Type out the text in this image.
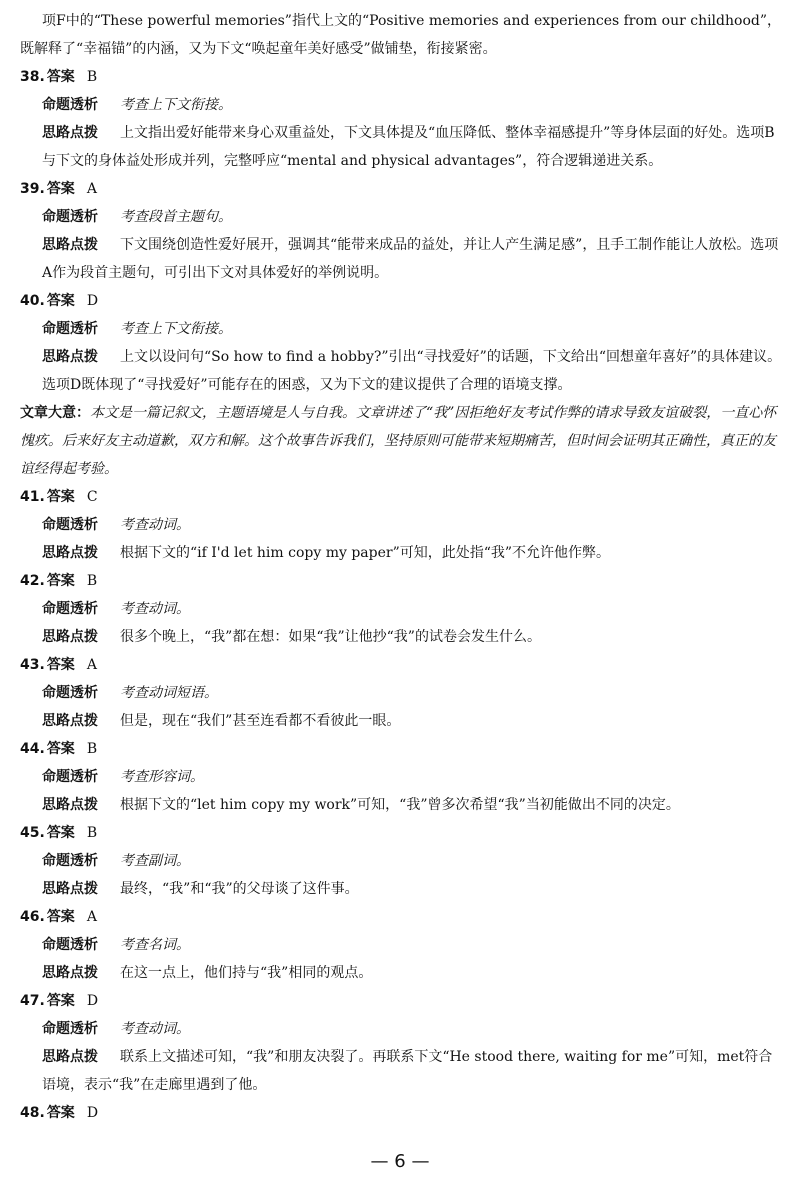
项F中的“These powerful memories”指代上文的“Positive memories and experiences from our childhood”，既解释了“幸福锚”的内涵，又为下文“唤起童年美好感受”做铺垫，衔接紧密。

38. 答案 B

命题透析 考查上下文衔接。

思路点拨 上文指出爱好能带来身心双重益处，下文具体提及“血压降低、整体幸福感提升”等身体层面的好处。选项B与下文的身体益处形成并列，完整呼应“mental and physical advantages”，符合逻辑递进关系。

39. 答案 A

命题透析 考查段首主题句。

思路点拨 下文围绕创造性爱好展开，强调其“能带来成品的益处，并让人产生满足感”，且手工制作能让人放松。选项A作为段首主题句，可引出下文对具体爱好的举例说明。

40. 答案 D

命题透析 考查上下文衔接。

思路点拨 上文以设问句“So how to find a hobby?”引出“寻找爱好”的话题，下文给出“回想童年喜好”的具体建议。选项D既体现了“寻找爱好”可能存在的困惑，又为下文的建议提供了合理的语境支撑。

文章大意：本文是一篇记叙文，主题语境是人与自我。文章讲述了“我”因拒绝好友考试作弊的请求导致友谊破裂，一直心怀愧疚。后来好友主动道歉，双方和解。这个故事告诉我们，坚持原则可能带来短期痛苦，但时间会证明其正确性，真正的友谊经得起考验。

41. 答案 C

命题透析 考查动词。

思路点拨 根据下文的“if I'd let him copy my paper”可知，此处指“我”不允许他作弊。

42. 答案 B

命题透析 考查动词。

思路点拨 很多个晚上，“我”都在想：如果“我”让他抄“我”的试卷会发生什么。

43. 答案 A

命题透析 考查动词短语。

思路点拨 但是，现在“我们”甚至连看都不看彼此一眼。

44. 答案 B

命题透析 考查形容词。

思路点拨 根据下文的“let him copy my work”可知，“我”曾多次希望“我”当初能做出不同的决定。

45. 答案 B

命题透析 考查副词。

思路点拨 最终，“我”和“我”的父母谈了这件事。

46. 答案 A

命题透析 考查名词。

思路点拨 在这一点上，他们持与“我”相同的观点。

47. 答案 D

命题透析 考查动词。

思路点拨 联系上文描述可知，“我”和朋友决裂了。再联系下文“He stood there, waiting for me”可知，met符合语境，表示“我”在走廊里遇到了他。

48. 答案 D

— 6 —
